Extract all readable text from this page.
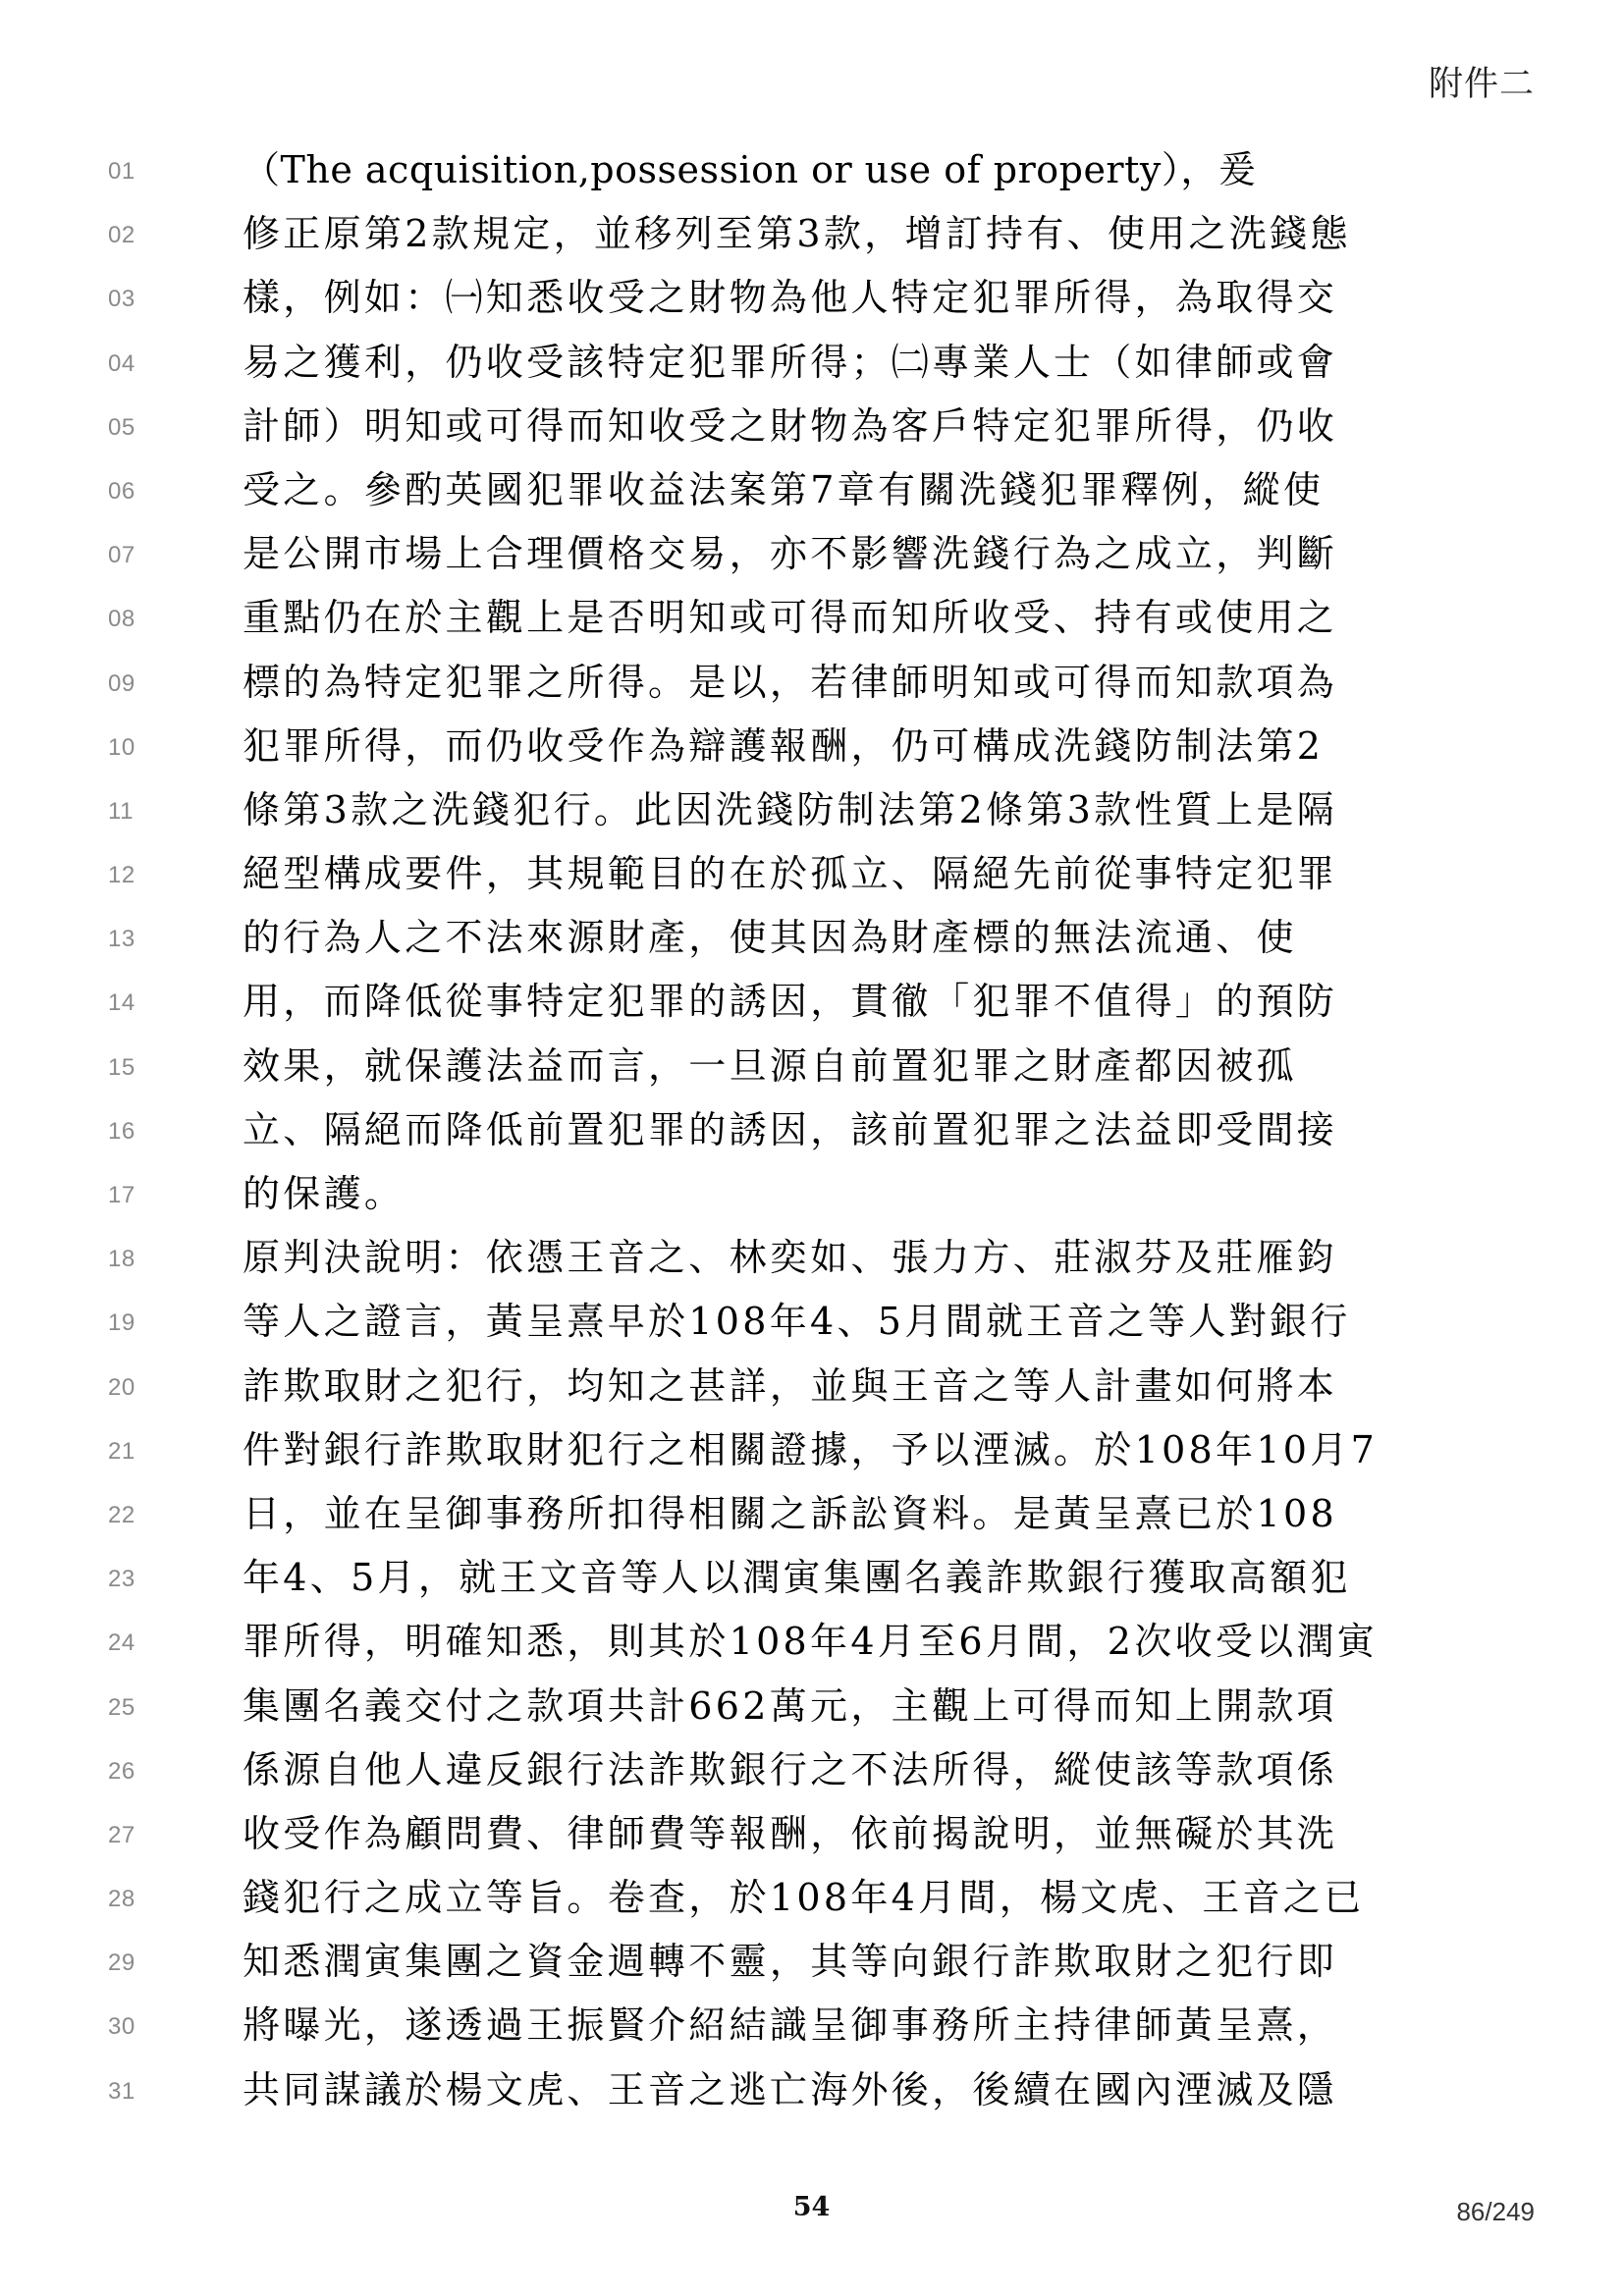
附件二
01	（The acquisition,possession or use of property），爰
02	修正原第2款規定，並移列至第3款，增訂持有、使用之洗錢態
03	樣，例如：㈠知悉收受之財物為他人特定犯罪所得，為取得交
04	易之獲利，仍收受該特定犯罪所得；㈡專業人士（如律師或會
05	計師）明知或可得而知收受之財物為客戶特定犯罪所得，仍收
06	受之。參酌英國犯罪收益法案第7章有關洗錢犯罪釋例，縱使
07	是公開市場上合理價格交易，亦不影響洗錢行為之成立，判斷
08	重點仍在於主觀上是否明知或可得而知所收受、持有或使用之
09	標的為特定犯罪之所得。是以，若律師明知或可得而知款項為
10	犯罪所得，而仍收受作為辯護報酬，仍可構成洗錢防制法第2
11	條第3款之洗錢犯行。此因洗錢防制法第2條第3款性質上是隔
12	絕型構成要件，其規範目的在於孤立、隔絕先前從事特定犯罪
13	的行為人之不法來源財產，使其因為財產標的無法流通、使
14	用，而降低從事特定犯罪的誘因，貫徹「犯罪不值得」的預防
15	效果，就保護法益而言，一旦源自前置犯罪之財產都因被孤
16	立、隔絕而降低前置犯罪的誘因，該前置犯罪之法益即受間接
17	的保護。
18	原判決說明：依憑王音之、林奕如、張力方、莊淑芬及莊雁鈞
19	等人之證言，黃呈熹早於108年4、5月間就王音之等人對銀行
20	詐欺取財之犯行，均知之甚詳，並與王音之等人計畫如何將本
21	件對銀行詐欺取財犯行之相關證據，予以湮滅。於108年10月7
22	日，並在呈御事務所扣得相關之訴訟資料。是黃呈熹已於108
23	年4、5月，就王文音等人以潤寅集團名義詐欺銀行獲取高額犯
24	罪所得，明確知悉，則其於108年4月至6月間，2次收受以潤寅
25	集團名義交付之款項共計662萬元，主觀上可得而知上開款項
26	係源自他人違反銀行法詐欺銀行之不法所得，縱使該等款項係
27	收受作為顧問費、律師費等報酬，依前揭說明，並無礙於其洗
28	錢犯行之成立等旨。卷查，於108年4月間，楊文虎、王音之已
29	知悉潤寅集團之資金週轉不靈，其等向銀行詐欺取財之犯行即
30	將曝光，遂透過王振賢介紹結識呈御事務所主持律師黃呈熹，
31	共同謀議於楊文虎、王音之逃亡海外後，後續在國內湮滅及隱
54	86/249
